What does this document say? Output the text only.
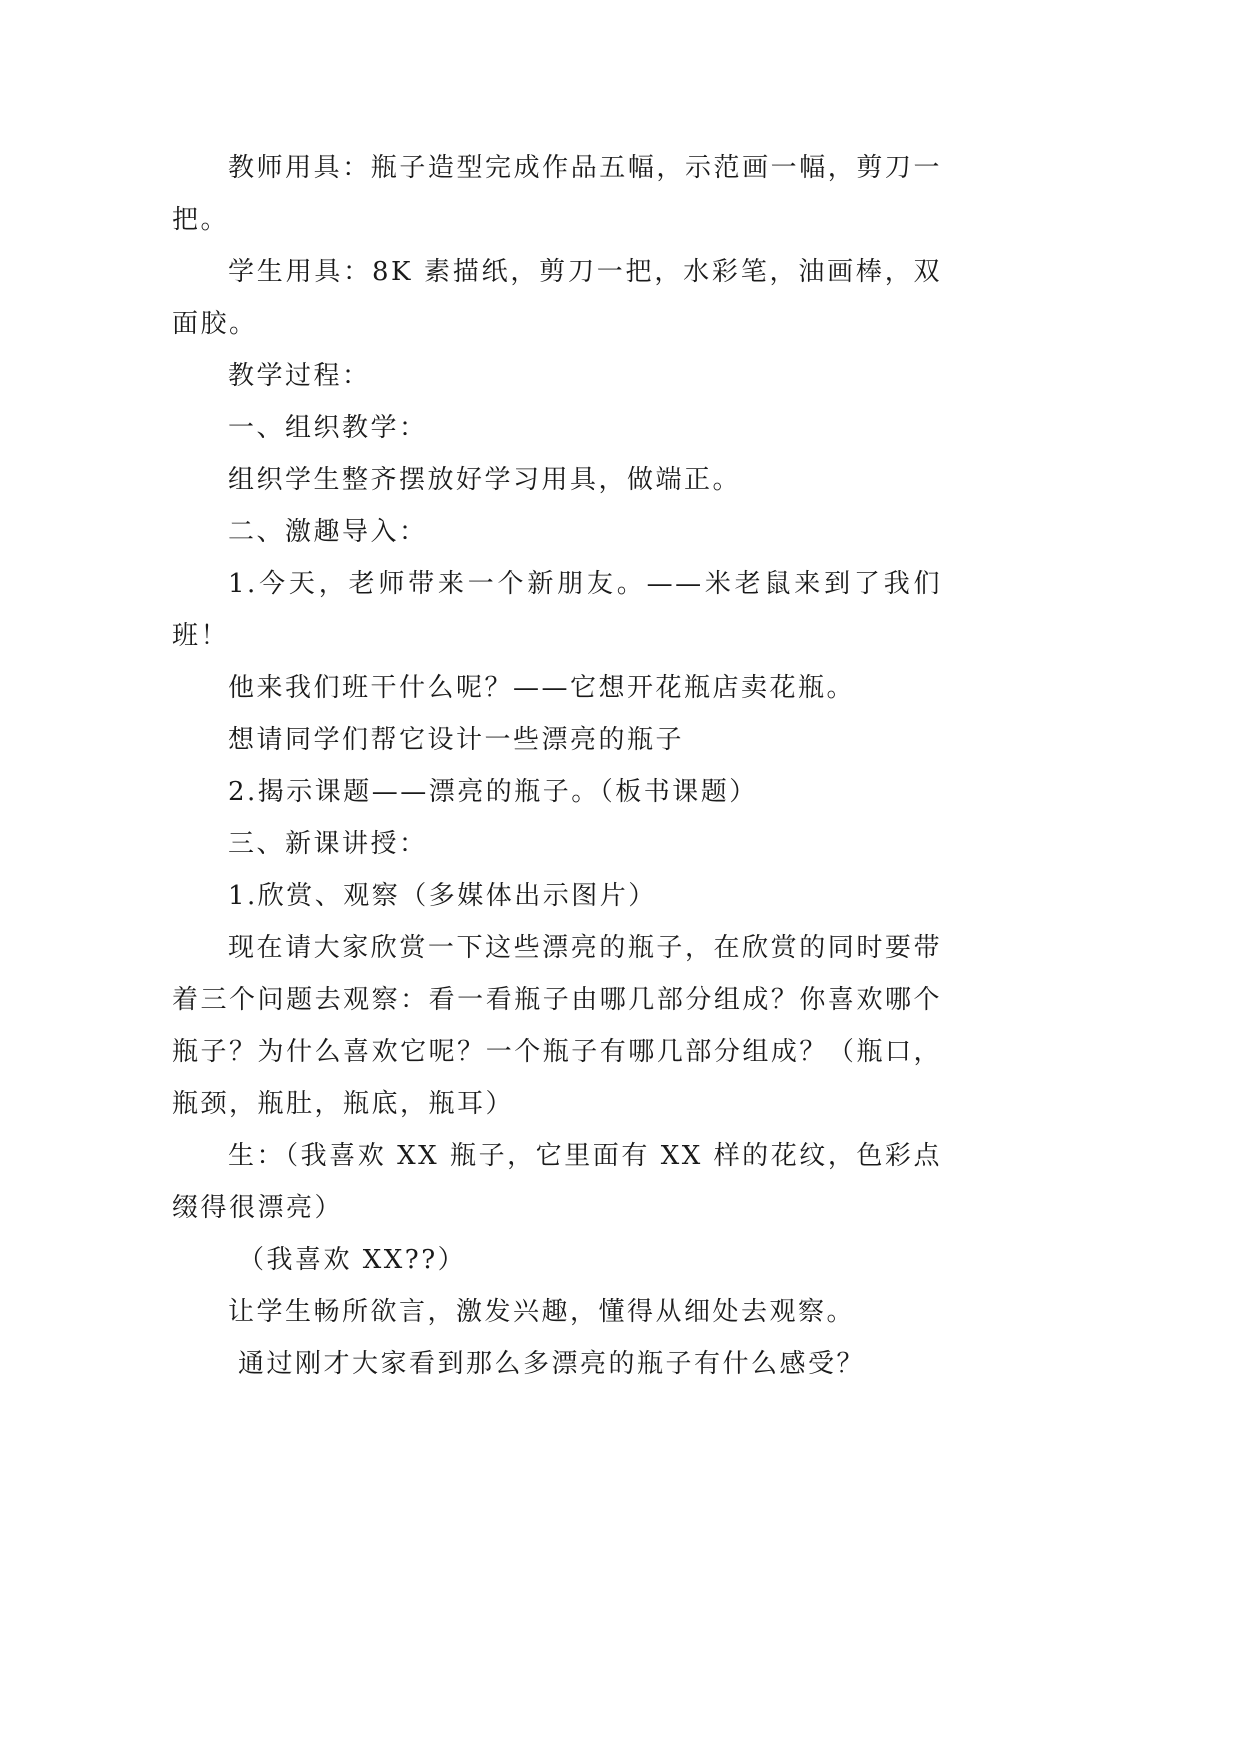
教师用具：瓶子造型完成作品五幅，示范画一幅，剪刀一把。

学生用具：8K 素描纸，剪刀一把，水彩笔，油画棒，双面胶。

教学过程：

一、组织教学：

组织学生整齐摆放好学习用具，做端正。

二、激趣导入：

1.今天，老师带来一个新朋友。——米老鼠来到了我们班！

他来我们班干什么呢？——它想开花瓶店卖花瓶。

想请同学们帮它设计一些漂亮的瓶子

2.揭示课题——漂亮的瓶子。（板书课题）

三、新课讲授：

1.欣赏、观察（多媒体出示图片）

现在请大家欣赏一下这些漂亮的瓶子，在欣赏的同时要带着三个问题去观察：看一看瓶子由哪几部分组成？你喜欢哪个瓶子？为什么喜欢它呢？一个瓶子有哪几部分组成？（瓶口，瓶颈，瓶肚，瓶底，瓶耳）

生：（我喜欢 XX 瓶子，它里面有 XX 样的花纹，色彩点缀得很漂亮）

（我喜欢 XX??）

让学生畅所欲言，激发兴趣，懂得从细处去观察。

通过刚才大家看到那么多漂亮的瓶子有什么感受？
